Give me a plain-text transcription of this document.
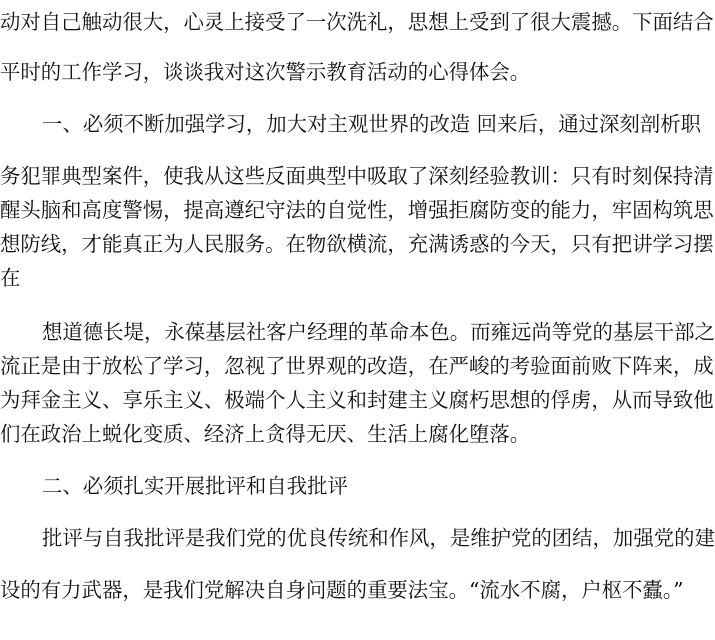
动对自己触动很大，心灵上接受了一次洗礼，思想上受到了很大震撼。下面结合
平时的工作学习，谈谈我对这次警示教育活动的心得体会。
一、必须不断加强学习，加大对主观世界的改造 回来后，通过深刻剖析职
务犯罪典型案件，使我从这些反面典型中吸取了深刻经验教训：只有时刻保持清
醒头脑和高度警惕，提高遵纪守法的自觉性，增强拒腐防变的能力，牢固构筑思
想防线，才能真正为人民服务。在物欲横流，充满诱惑的今天，只有把讲学习摆
在
想道德长堤，永葆基层社客户经理的革命本色。而雍远尚等党的基层干部之
流正是由于放松了学习，忽视了世界观的改造，在严峻的考验面前败下阵来，成
为拜金主义、享乐主义、极端个人主义和封建主义腐朽思想的俘虏，从而导致他
们在政治上蜕化变质、经济上贪得无厌、生活上腐化堕落。
二、必须扎实开展批评和自我批评
批评与自我批评是我们党的优良传统和作风，是维护党的团结，加强党的建
设的有力武器，是我们党解决自身问题的重要法宝。“流水不腐，户枢不蠹。”
